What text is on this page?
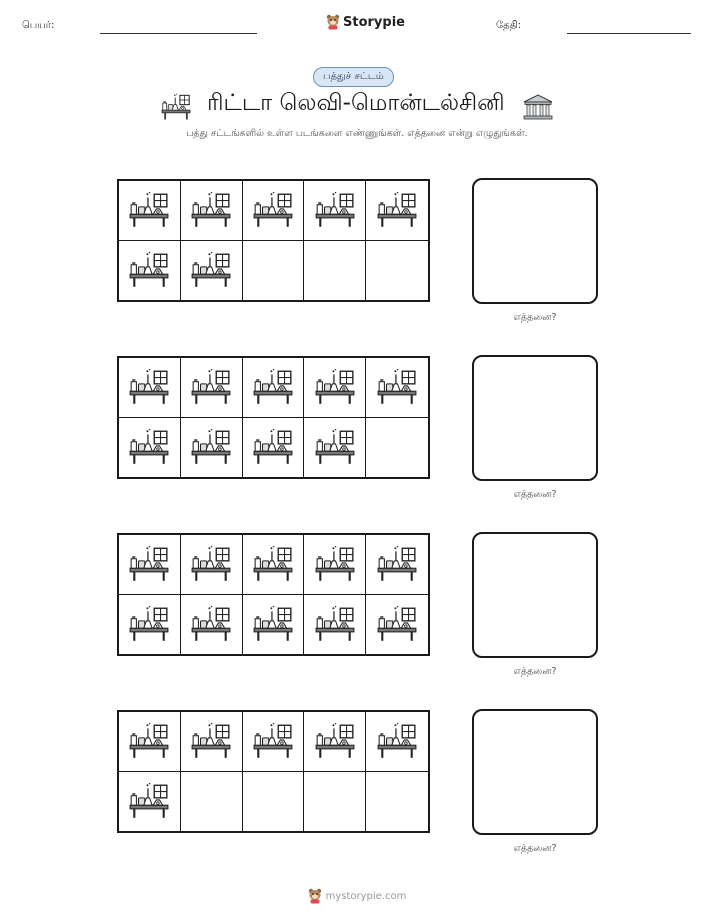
பெயர்:	Storypie	தேதி:
பத்துச் சட்டம்
ரிட்டா லெவி-மொன்டல்சினி
பத்து சட்டங்களில் உள்ள படங்களை எண்ணுங்கள். எத்தனை என்று எழுதுங்கள்.
எத்தனை?
எத்தனை?
எத்தனை?
எத்தனை?
mystorypie.com
